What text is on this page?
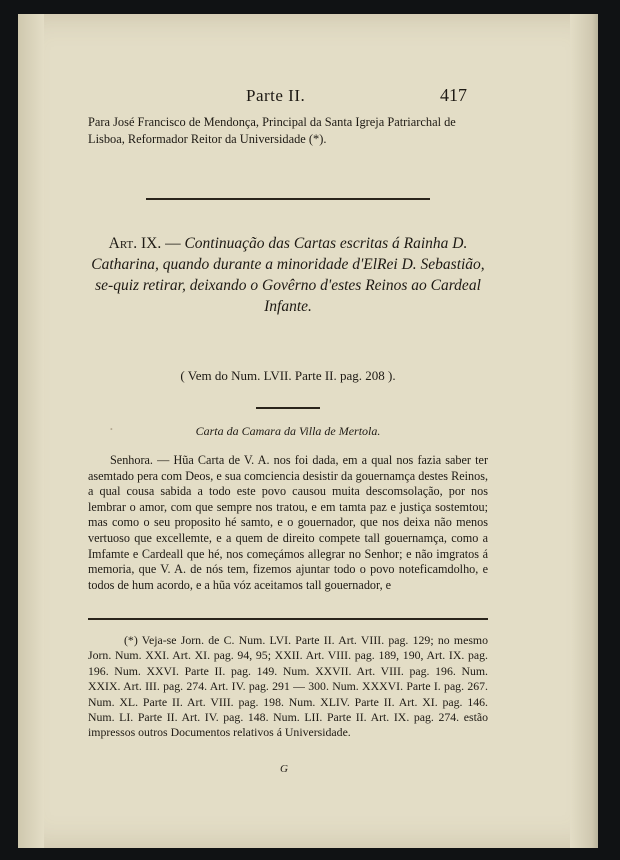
Parte II.	417
Para José Francisco de Mendonça, Principal da Santa Igreja Patriarchal de Lisboa, Reformador Reitor da Universidade (*).
Art. IX. — Continuação das Cartas escritas á Rainha D. Catharina, quando durante a minoridade d'ElRei D. Sebastião, se-quiz retirar, deixando o Govêrno d'estes Reinos ao Cardeal Infante.
( Vem do Num. LVII. Parte II. pag. 208 ).
·	Carta da Camara da Villa de Mertola.
Senhora. — Hũa Carta de V. A. nos foi dada, em a qual nos fazia saber ter asemtado pera com Deos, e sua comciencia desistir da gouernamça destes Reinos, a qual cousa sabida a todo este povo causou muita descomsolação, por nos lembrar o amor, com que sempre nos tratou, e em tamta paz e justiça sostemtou; mas como o seu proposito hé samto, e o gouernador, que nos deixa não menos vertuoso que excellemte, e a quem de direito compete tall gouernamça, como a Imfamte e Cardeall que hé, nos começámos allegrar no Senhor; e não imgratos á memoria, que V. A. de nós tem, fizemos ajuntar todo o povo noteficamdolho, e todos de hum acordo, e a hũa vóz aceitamos tall gouernador, e
(*) Veja-se Jorn. de C. Num. LVI. Parte II. Art. VIII. pag. 129; no mesmo Jorn. Num. XXI. Art. XI. pag. 94, 95; XXII. Art. VIII. pag. 189, 190, Art. IX. pag. 196. Num. XXVI. Parte II. pag. 149. Num. XXVII. Art. VIII. pag. 196. Num. XXIX. Art. III. pag. 274. Art. IV. pag. 291 — 300. Num. XXXVI. Parte I. pag. 267. Num. XL. Parte II. Art. VIII. pag. 198. Num. XLIV. Parte II. Art. XI. pag. 146. Num. LI. Parte II. Art. IV. pag. 148. Num. LII. Parte II. Art. IX. pag. 274. estão impressos outros Documentos relativos á Universidade.
G
